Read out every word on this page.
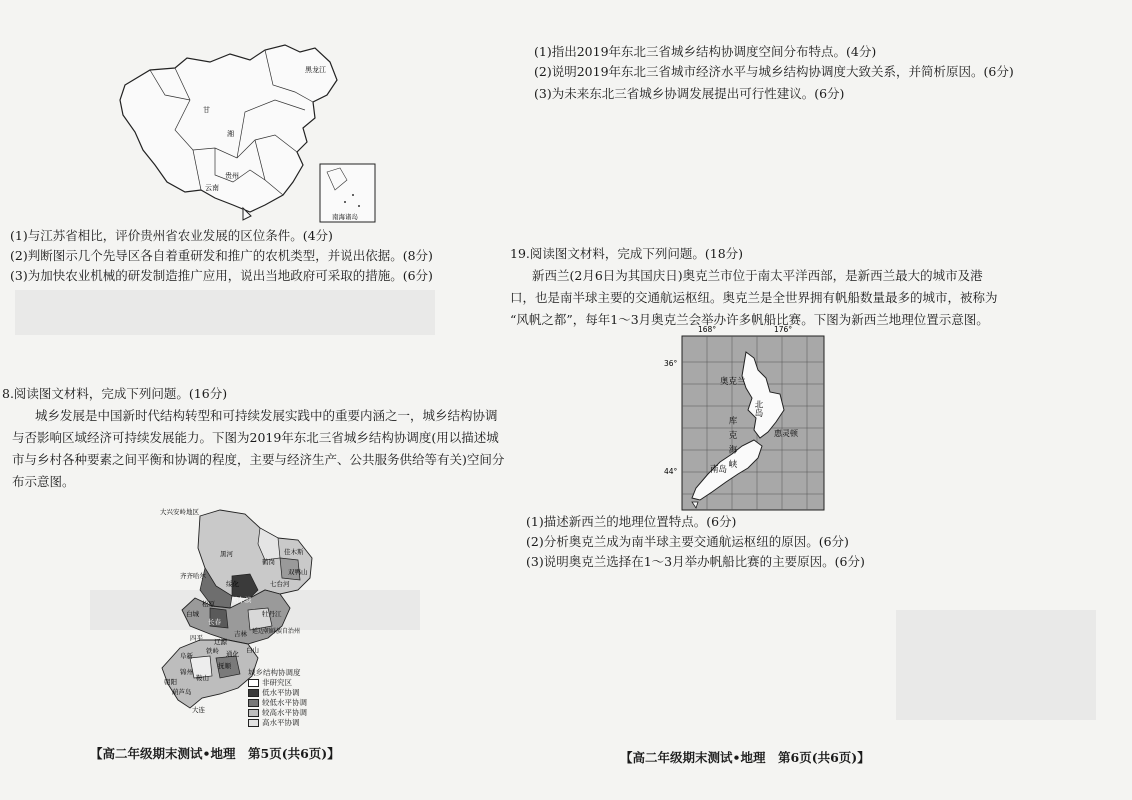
黑龙江
甘
湘
贵州
云南
南海诸岛
(1)与江苏省相比，评价贵州省农业发展的区位条件。(4分)
(2)判断图示几个先导区各自着重研发和推广的农机类型，并说出依据。(8分)
(3)为加快农业机械的研发制造推广应用，说出当地政府可采取的措施。(6分)
8.阅读图文材料，完成下列问题。(16分)
城乡发展是中国新时代结构转型和可持续发展实践中的重要内涵之一，城乡结构协调
与否影响区域经济可持续发展能力。下图为2019年东北三省城乡结构协调度(用以描述城
市与乡村各种要素之间平衡和协调的程度，主要与经济生产、公共服务供给等有关)空间分
布示意图。
大兴安岭地区
黑河	佳木斯
齐齐哈尔
鹤岗
双鸭山
绥化
哈尔滨
七台河
牡丹江
白城
松原
长春
吉林 延边朝鲜族自治州
四平 辽源
通化 白山
阜新
铁岭
抚顺
朝阳
锦州
鞍山
葫芦岛
大连
城乡结构协调度
非研究区
低水平协调
较低水平协调
较高水平协调
高水平协调
【高二年级期末测试•地理　第5页(共6页)】
(1)指出2019年东北三省城乡结构协调度空间分布特点。(4分)
(2)说明2019年东北三省城市经济水平与城乡结构协调度大致关系，并简析原因。(6分)
(3)为未来东北三省城乡协调发展提出可行性建议。(6分)
19.阅读图文材料，完成下列问题。(18分)
新西兰(2月6日为其国庆日)奥克兰市位于南太平洋西部，是新西兰最大的城市及港
口，也是南半球主要的交通航运枢纽。奥克兰是全世界拥有帆船数量最多的城市，被称为
“风帆之都”，每年1～3月奥克兰会举办许多帆船比赛。下图为新西兰地理位置示意图。
168°	176°
36°
44°
奥克兰
北岛
库克海峡	惠灵顿
南岛
(1)描述新西兰的地理位置特点。(6分)
(2)分析奥克兰成为南半球主要交通航运枢纽的原因。(6分)
(3)说明奥克兰选择在1～3月举办帆船比赛的主要原因。(6分)
【高二年级期末测试•地理　第6页(共6页)】
